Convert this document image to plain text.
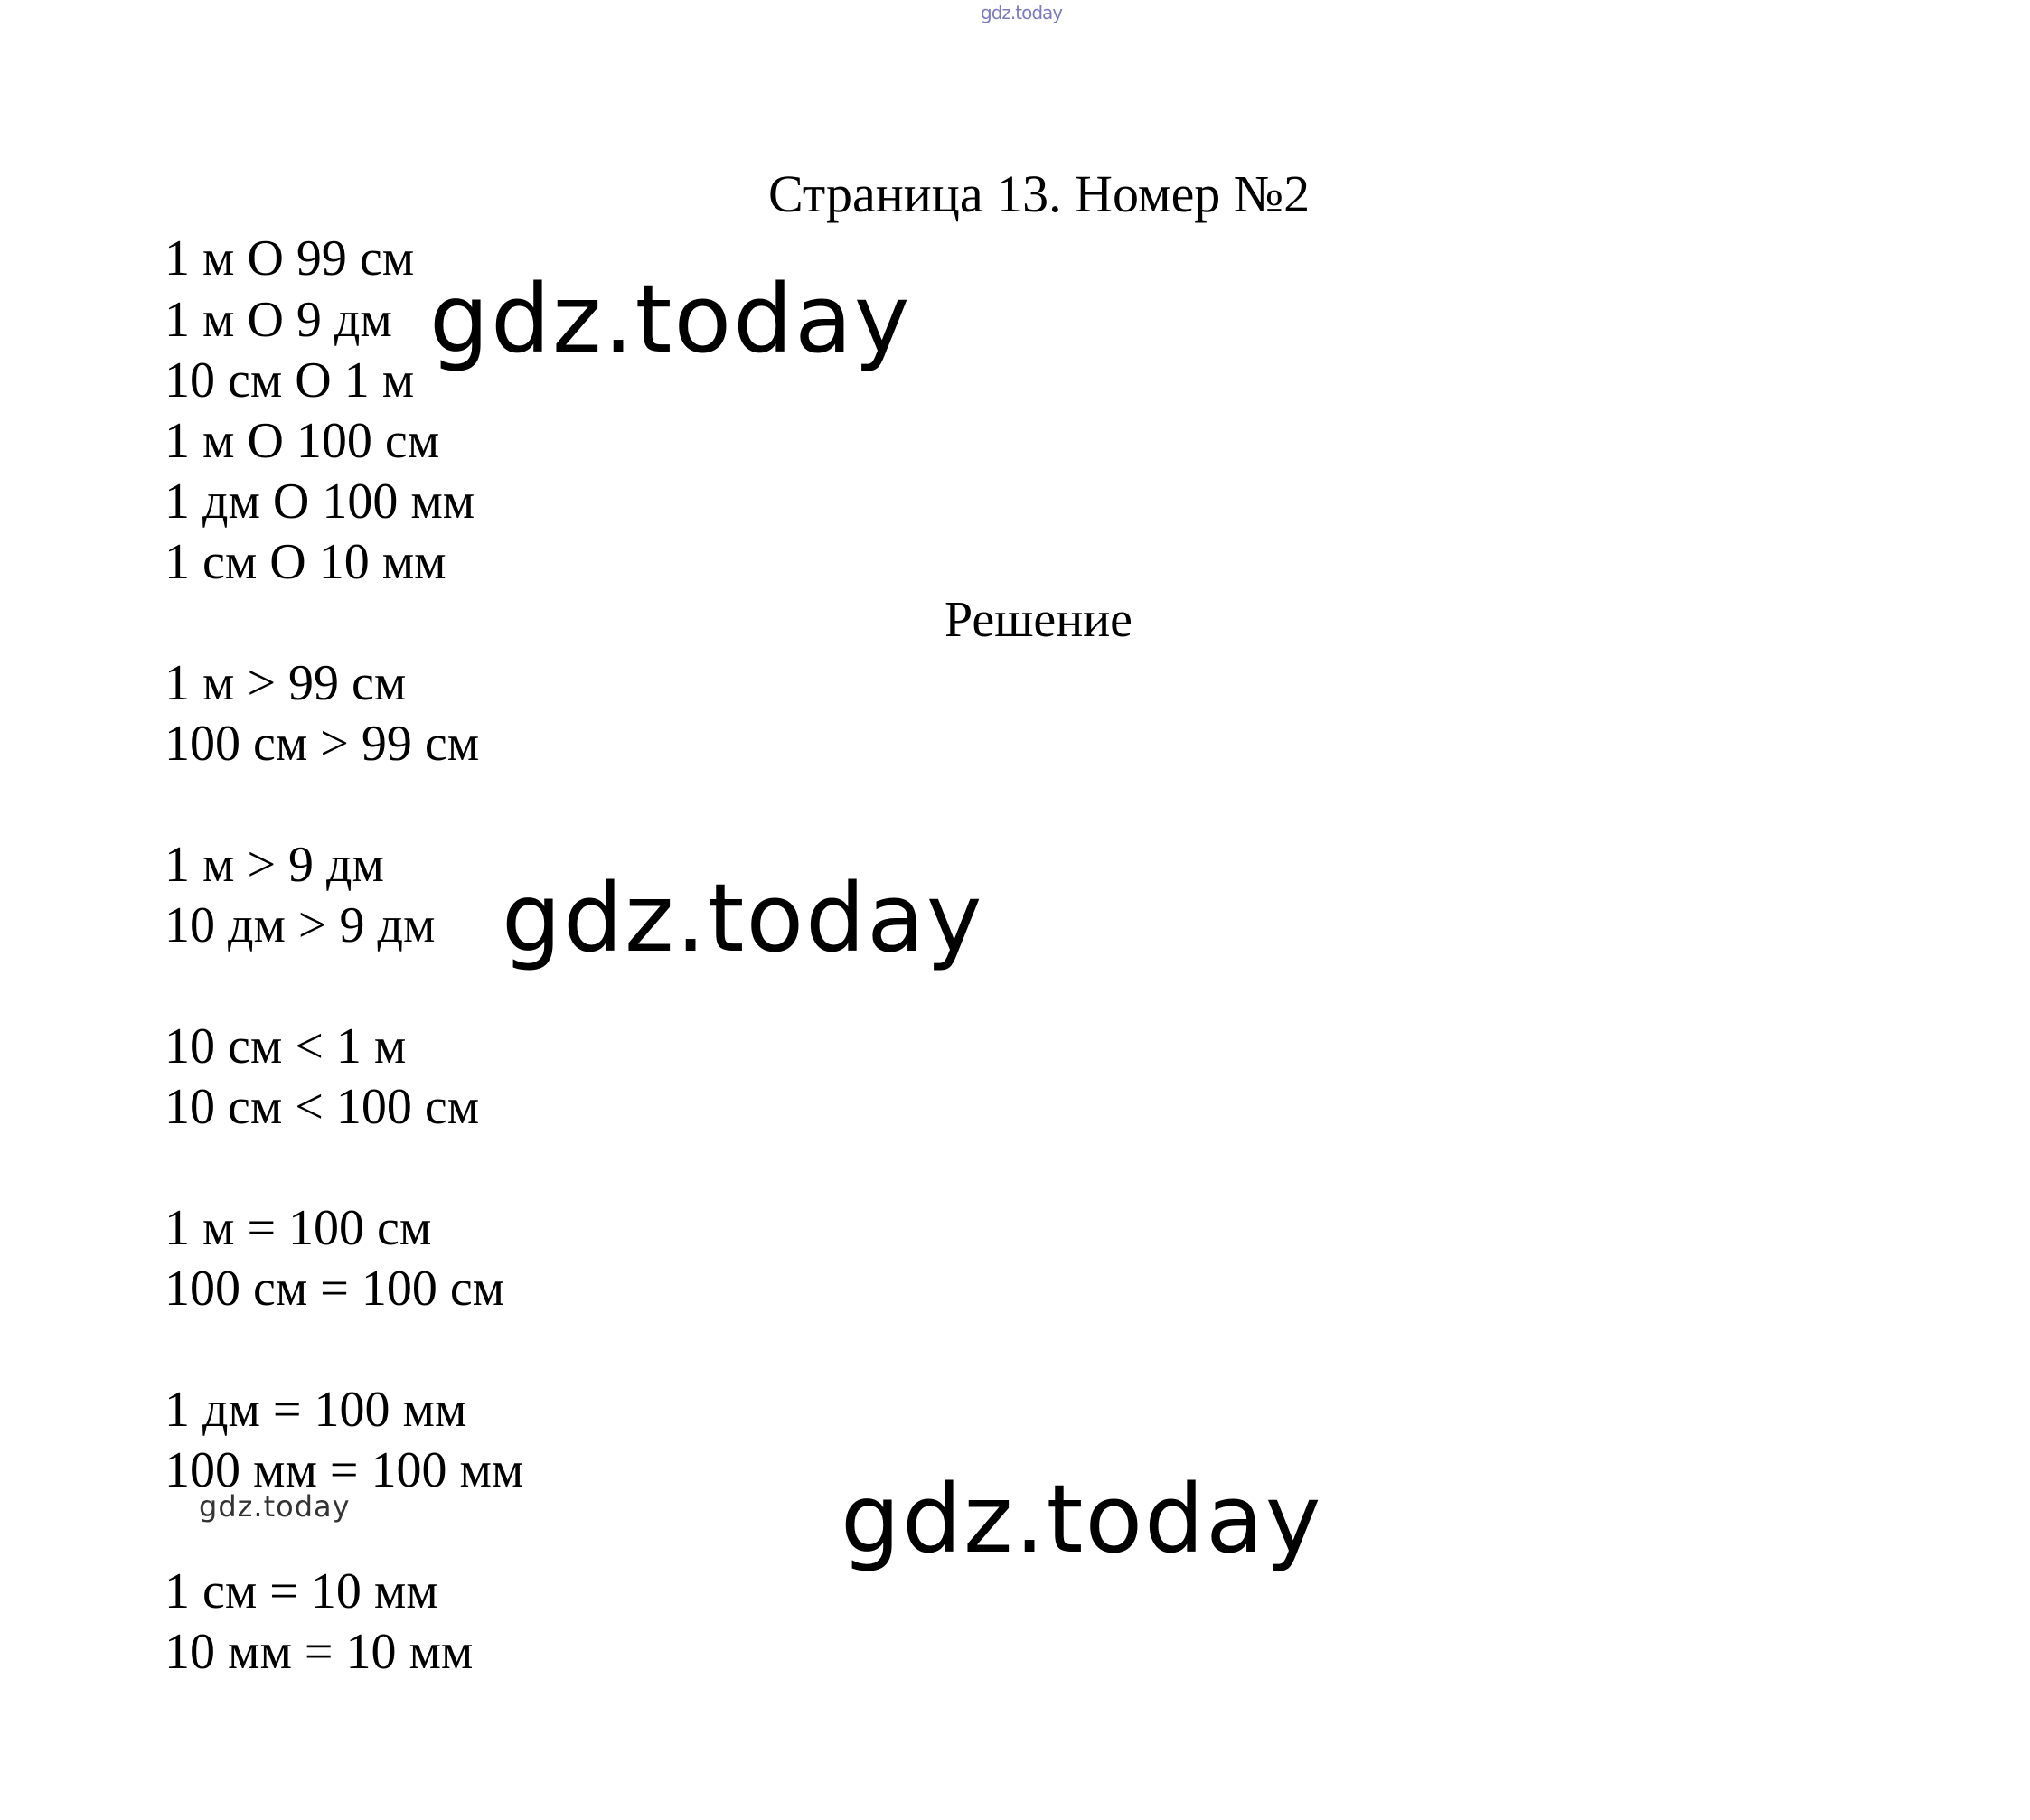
gdz.today
Страница 13. Номер №2
1 м О 99 см
1 м О 9 дм
10 см О 1 м
1 м О 100 см
1 дм О 100 мм
1 см О 10 мм
Решение
1 м > 99 см
100 см > 99 см
1 м > 9 дм
10 дм > 9 дм
10 см < 1 м
10 см < 100 см
1 м = 100 см
100 см = 100 см
1 дм = 100 мм
100 мм = 100 мм
1 см = 10 мм
10 мм = 10 мм
gdz.today
gdz.today
gdz.today
gdz.today
